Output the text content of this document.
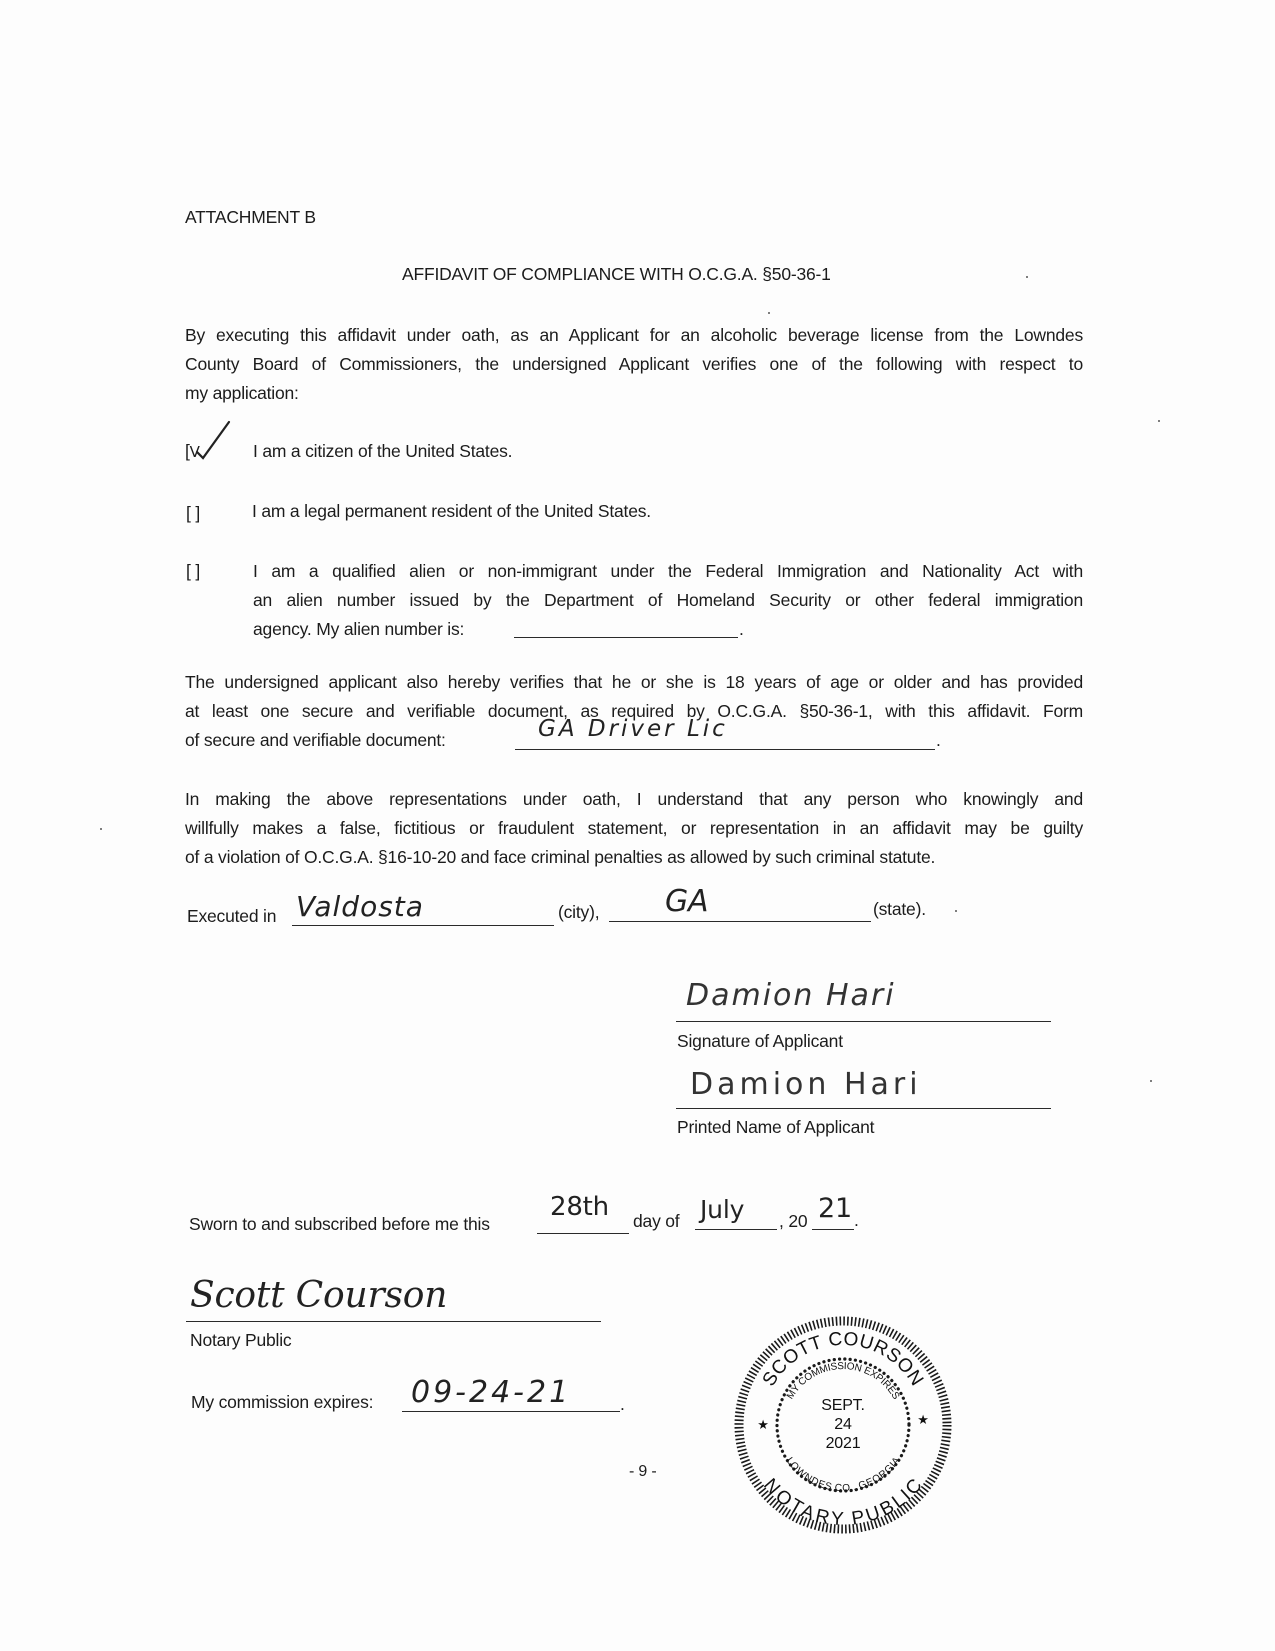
ATTACHMENT B
AFFIDAVIT OF COMPLIANCE WITH O.C.G.A. §50-36-1
By executing this affidavit under oath, as an Applicant for an alcoholic beverage license from the Lowndes
County Board of Commissioners, the undersigned Applicant verifies one of the following with respect to
my application:
[V	I am a citizen of the United States.
[ ]	I am a legal permanent resident of the United States.
[ ]	I am a qualified alien or non-immigrant under the Federal Immigration and Nationality Act with
an alien number issued by the Department of Homeland Security or other federal immigration
agency. My alien number is:	.
The undersigned applicant also hereby verifies that he or she is 18 years of age or older and has provided
at least one secure and verifiable document, as required by O.C.G.A. §50-36-1, with this affidavit. Form
of secure and verifiable document:	GA Driver Lic	.
In making the above representations under oath, I understand that any person who knowingly and
willfully makes a false, fictitious or fraudulent statement, or representation in an affidavit may be guilty
of a violation of O.C.G.A. §16-10-20 and face criminal penalties as allowed by such criminal statute.
Executed in Valdosta	(city), GA	(state).
Damion Hari
Signature of Applicant
Damion Hari
Printed Name of Applicant
Sworn to and subscribed before me this
28th day of July , 20 21 .
Scott Courson
Notary Public
My commission expires: 09-24-21	.
SCOTT COURSON
MY COMMISSION EXPIRES
LOWNDES CO., GEORGIA
NOTARY PUBLIC
SEPT.
24
2021
★	★
- 9 -
